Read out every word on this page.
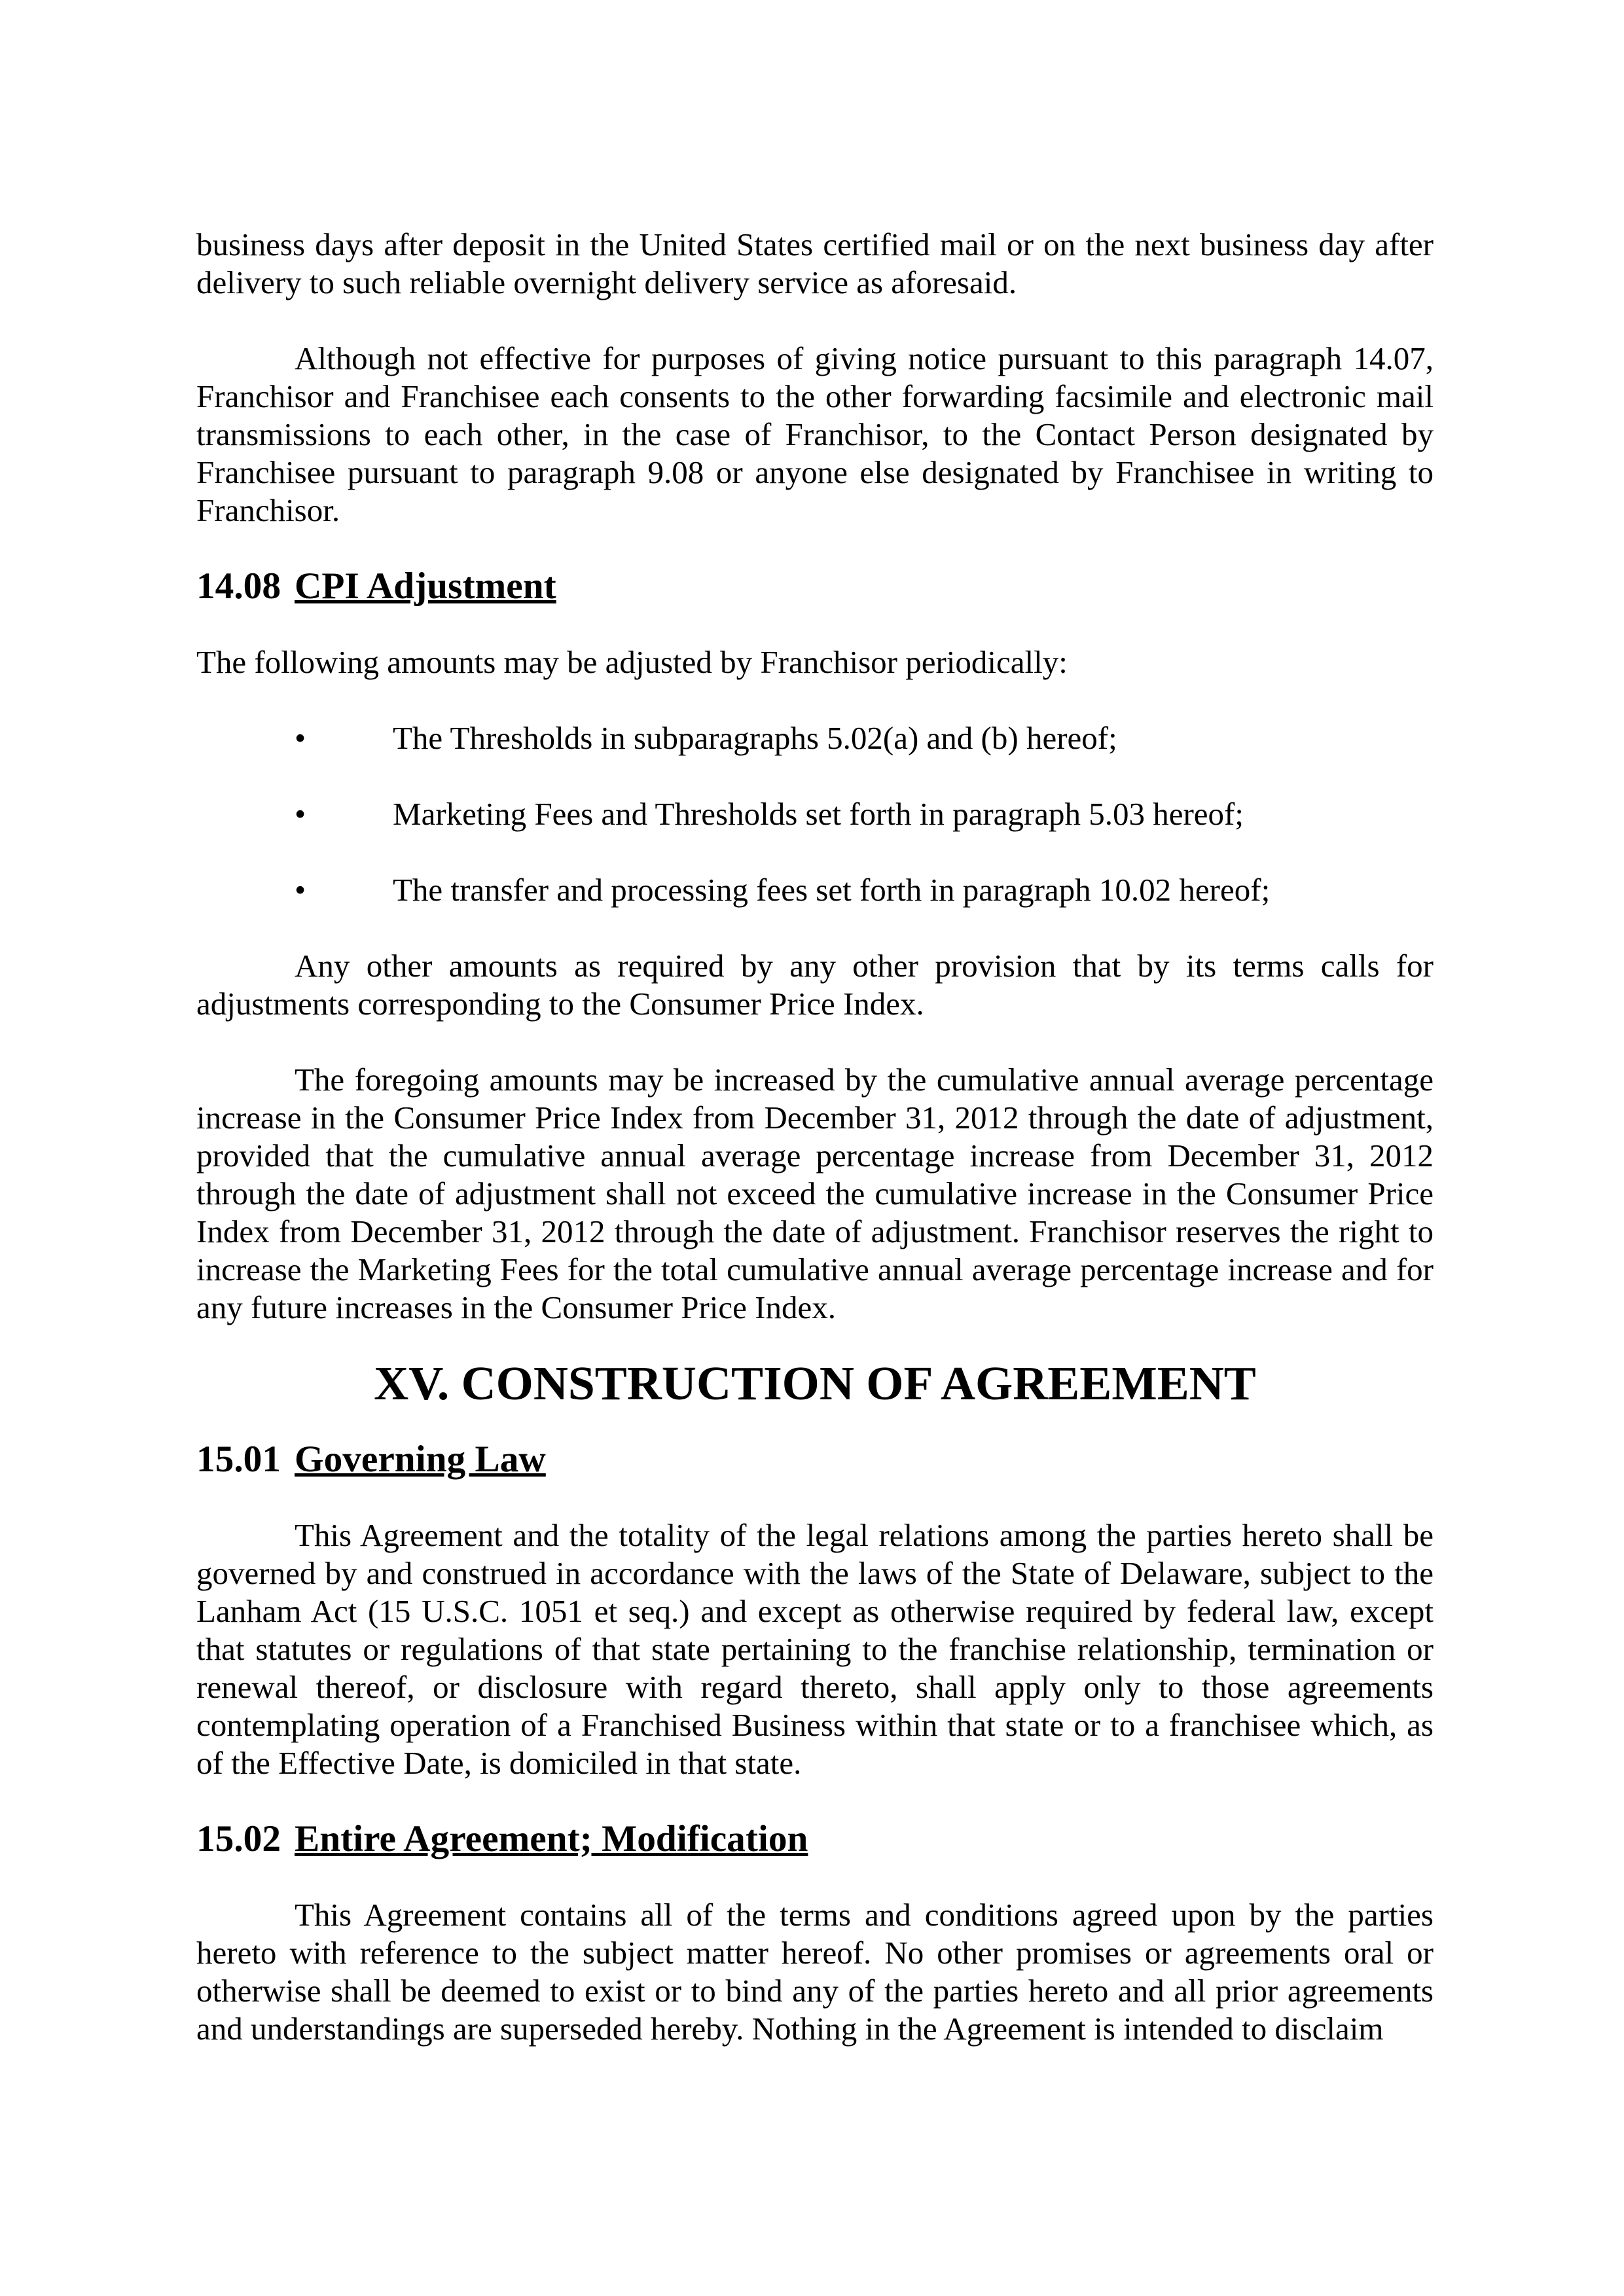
business days after deposit in the United States certified mail or on the next business day after delivery to such reliable overnight delivery service as aforesaid.

Although not effective for purposes of giving notice pursuant to this paragraph 14.07, Franchisor and Franchisee each consents to the other forwarding facsimile and electronic mail transmissions to each other, in the case of Franchisor, to the Contact Person designated by Franchisee pursuant to paragraph 9.08 or anyone else designated by Franchisee in writing to Franchisor.

14.08 CPI Adjustment

The following amounts may be adjusted by Franchisor periodically:

•	The Thresholds in subparagraphs 5.02(a) and (b) hereof;
•	Marketing Fees and Thresholds set forth in paragraph 5.03 hereof;
•	The transfer and processing fees set forth in paragraph 10.02 hereof;

Any other amounts as required by any other provision that by its terms calls for adjustments corresponding to the Consumer Price Index.

The foregoing amounts may be increased by the cumulative annual average percentage increase in the Consumer Price Index from December 31, 2012 through the date of adjustment, provided that the cumulative annual average percentage increase from December 31, 2012 through the date of adjustment shall not exceed the cumulative increase in the Consumer Price Index from December 31, 2012 through the date of adjustment. Franchisor reserves the right to increase the Marketing Fees for the total cumulative annual average percentage increase and for any future increases in the Consumer Price Index.

XV. CONSTRUCTION OF AGREEMENT
15.01 Governing Law

This Agreement and the totality of the legal relations among the parties hereto shall be governed by and construed in accordance with the laws of the State of Delaware, subject to the Lanham Act (15 U.S.C. 1051 et seq.) and except as otherwise required by federal law, except that statutes or regulations of that state pertaining to the franchise relationship, termination or renewal thereof, or disclosure with regard thereto, shall apply only to those agreements contemplating operation of a Franchised Business within that state or to a franchisee which, as of the Effective Date, is domiciled in that state.

15.02 Entire Agreement; Modification

This Agreement contains all of the terms and conditions agreed upon by the parties hereto with reference to the subject matter hereof. No other promises or agreements oral or otherwise shall be deemed to exist or to bind any of the parties hereto and all prior agreements and understandings are superseded hereby. Nothing in the Agreement is intended to disclaim
